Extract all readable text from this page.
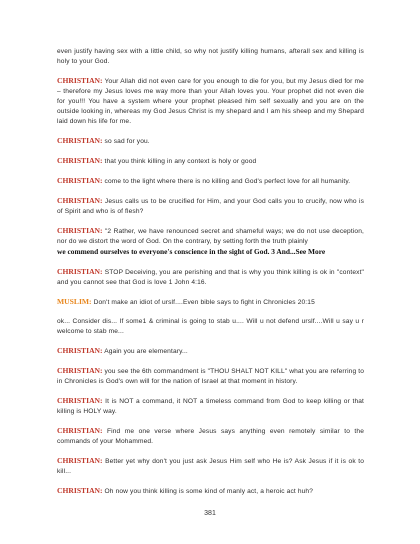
even justify having sex with a little child, so why not justify killing humans, afterall sex and killing is holy to your God.

CHRISTIAN: Your Allah did not even care for you enough to die for you, but my Jesus died for me – therefore my Jesus loves me way more than your Allah loves you. Your prophet did not even die for you!!! You have a system where your prophet pleased him self sexually and you are on the outside looking in, whereas my God Jesus Christ is my shepard and I am his sheep and my Shepard laid down his life for me.

CHRISTIAN: so sad for you.

CHRISTIAN: that you think killing in any context is holy or good

CHRISTIAN: come to the light where there is no killing and God's perfect love for all humanity.

CHRISTIAN: Jesus calls us to be crucified for Him, and your God calls you to crucify, now who is of Spirit and who is of flesh?

CHRISTIAN: "2 Rather, we have renounced secret and shameful ways; we do not use deception, nor do we distort the word of God. On the contrary, by setting forth the truth plainly
we commend ourselves to everyone's conscience in the sight of God. 3 And...See More

CHRISTIAN: STOP Deceiving, you are perishing and that is why you think killing is ok in "context" and you cannot see that God is love 1 John 4:16.

MUSLIM: Don't make an idiot of urslf....Even bible says to fight in Chronicles 20:15

ok... Consider dis... If some1 & criminal is going to stab u.... Will u not defend urslf....Will u say u r welcome to stab me...

CHRISTIAN: Again you are elementary...

CHRISTIAN: you see the 6th commandment is "THOU SHALT NOT KILL" what you are referring to in Chronicles is God's own will for the nation of Israel at that moment in history.

CHRISTIAN: It is NOT a command, it NOT a timeless command from God to keep killing or that killing is HOLY way.

CHRISTIAN: Find me one verse where Jesus says anything even remotely similar to the commands of your Mohammed.

CHRISTIAN: Better yet why don't you just ask Jesus Him self who He is? Ask Jesus if it is ok to kill...

CHRISTIAN: Oh now you think killing is some kind of manly act, a heroic act huh?

381
